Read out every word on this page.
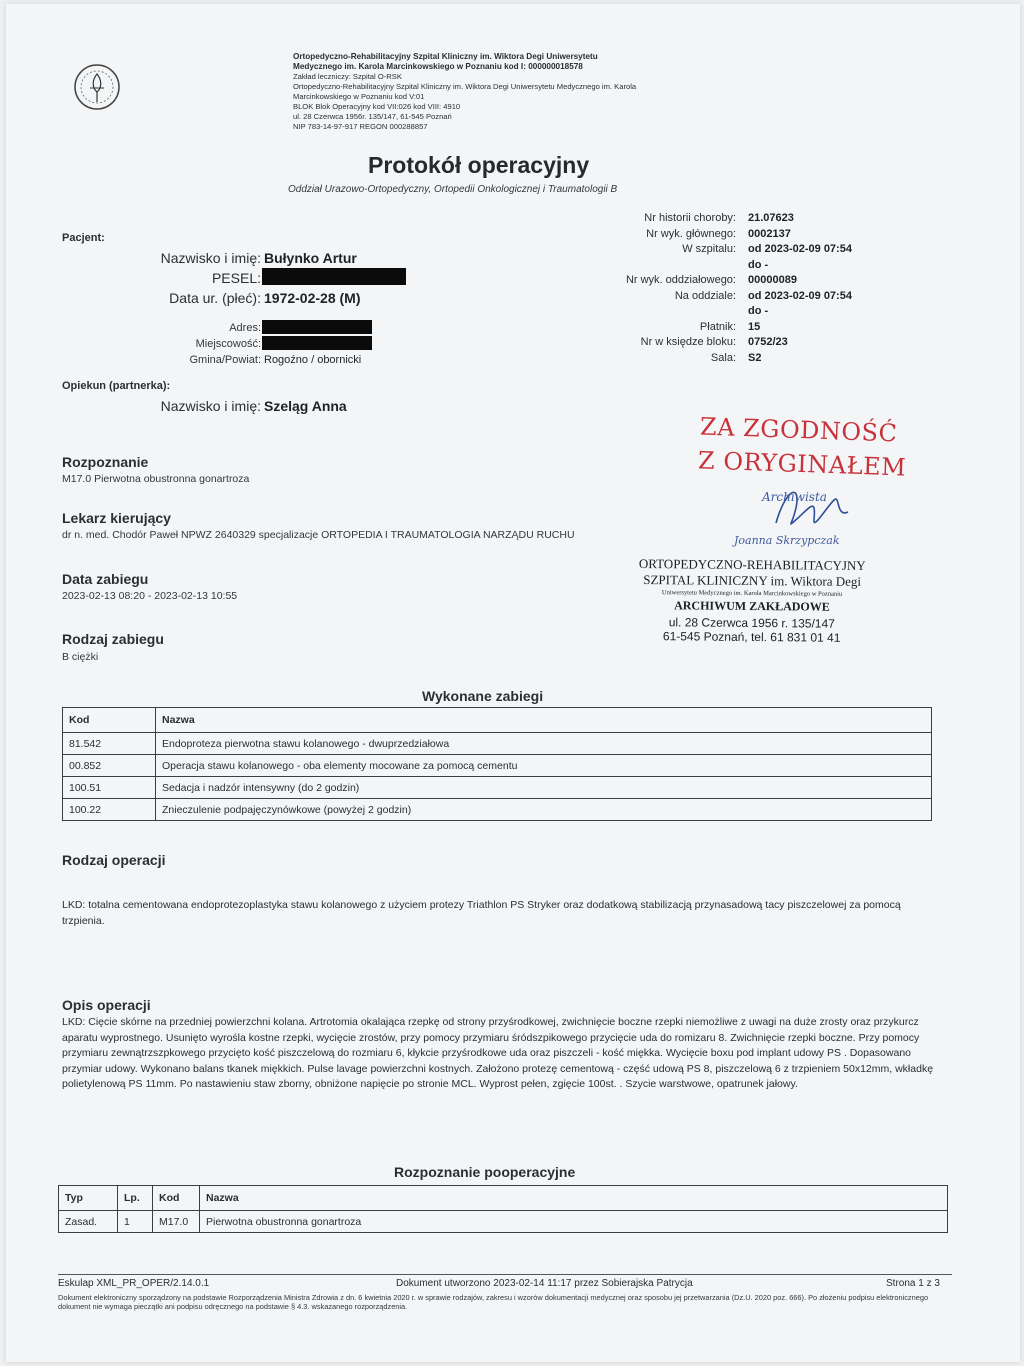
Ortopedyczno-Rehabilitacyjny Szpital Kliniczny im. Wiktora Degi Uniwersytetu
Medycznego im. Karola Marcinkowskiego w Poznaniu kod I: 000000018578
Zakład leczniczy: Szpital O-RSK
Ortopedyczno-Rehabilitacyjny Szpital Kliniczny im. Wiktora Degi Uniwersytetu Medycznego im. Karola
Marcinkowskiego w Poznaniu kod V:01
BLOK Blok Operacyjny kod VII:026 kod VIII: 4910
ul. 28 Czerwca 1956r. 135/147, 61-545 Poznań
NIP 783-14-97-917 REGON 000288857
Protokół operacyjny
Oddział Urazowo-Ortopedyczny, Ortopedii Onkologicznej i Traumatologii B
Pacjent:
Nazwisko i imię: Bułynko Artur
PESEL:
Data ur. (płeć): 1972-02-28 (M)
Adres:
Miejscowość:
Gmina/Powiat: Rogoźno / obornicki
Opiekun (partnerka):
Nazwisko i imię: Szeląg Anna
Nr historii choroby: 21.07623
Nr wyk. głównego: 0002137
W szpitalu: od 2023-02-09 07:54
do -
Nr wyk. oddziałowego: 00000089
Na oddziale: od 2023-02-09 07:54
do -
Płatnik: 15
Nr w księdze bloku: 0752/23
Sala: S2
Rozpoznanie
M17.0 Pierwotna obustronna gonartroza
Lekarz kierujący
dr n. med. Chodór Paweł NPWZ 2640329 specjalizacje ORTOPEDIA I TRAUMATOLOGIA NARZĄDU RUCHU
Data zabiegu
2023-02-13 08:20 - 2023-02-13 10:55
Rodzaj zabiegu
B ciężki
ZA ZGODNOŚĆ
Z ORYGINAŁEM
Archiwista
Joanna Skrzypczak
ORTOPEDYCZNO-REHABILITACYJNY
SZPITAL KLINICZNY im. Wiktora Degi
Uniwersytetu Medycznego im. Karola Marcinkowskiego w Poznaniu
ARCHIWUM ZAKŁADOWE
ul. 28 Czerwca 1956 r. 135/147
61-545 Poznań, tel. 61 831 01 41
Wykonane zabiegi
Kod	Nazwa
81.542	Endoproteza pierwotna stawu kolanowego - dwuprzedziałowa
00.852	Operacja stawu kolanowego - oba elementy mocowane za pomocą cementu
100.51	Sedacja i nadzór intensywny (do 2 godzin)
100.22	Znieczulenie podpajęczynówkowe (powyżej 2 godzin)
Rodzaj operacji
LKD: totalna cementowana endoprotezoplastyka stawu kolanowego z użyciem protezy Triathlon PS Stryker oraz dodatkową stabilizacją przynasadową tacy piszczelowej za pomocą trzpienia.
Opis operacji
LKD: Cięcie skórne na przedniej powierzchni kolana. Artrotomia okalająca rzepkę od strony przyśrodkowej, zwichnięcie boczne rzepki niemożliwe z uwagi na duże zrosty oraz przykurcz aparatu wyprostnego. Usunięto wyrośla kostne rzepki, wycięcie zrostów, przy pomocy przymiaru śródszpikowego przycięcie uda do romizaru 8. Zwichnięcie rzepki boczne. Przy pomocy przymiaru zewnątrzszpkowego przycięto kość piszczelową do rozmiaru 6, kłykcie przyśrodkowe uda oraz piszczeli - kość miękka. Wycięcie boxu pod implant udowy PS . Dopasowano przymiar udowy. Wykonano balans tkanek miękkich. Pulse lavage powierzchni kostnych. Założono protezę cementową - część udową PS 8, piszczelową 6 z trzpieniem 50x12mm, wkładkę polietylenową PS 11mm. Po nastawieniu staw zborny, obniżone napięcie po stronie MCL. Wyprost pełen, zgięcie 100st. . Szycie warstwowe, opatrunek jałowy.
Rozpoznanie pooperacyjne
Typ	Lp.	Kod	Nazwa
Zasad.	1	M17.0	Pierwotna obustronna gonartroza
Eskulap XML_PR_OPER/2.14.0.1	Dokument utworzono 2023-02-14 11:17 przez Sobierajska Patrycja	Strona 1 z 3
Dokument elektroniczny sporządzony na podstawie Rozporządzenia Ministra Zdrowia z dn. 6 kwietnia 2020 r. w sprawie rodzajów, zakresu i wzorów dokumentacji medycznej oraz sposobu jej przetwarzania (Dz.U. 2020 poz. 666). Po złożeniu podpisu elektronicznego dokument nie wymaga pieczątki ani podpisu odręcznego na podstawie § 4.3. wskazanego rozporządzenia.
